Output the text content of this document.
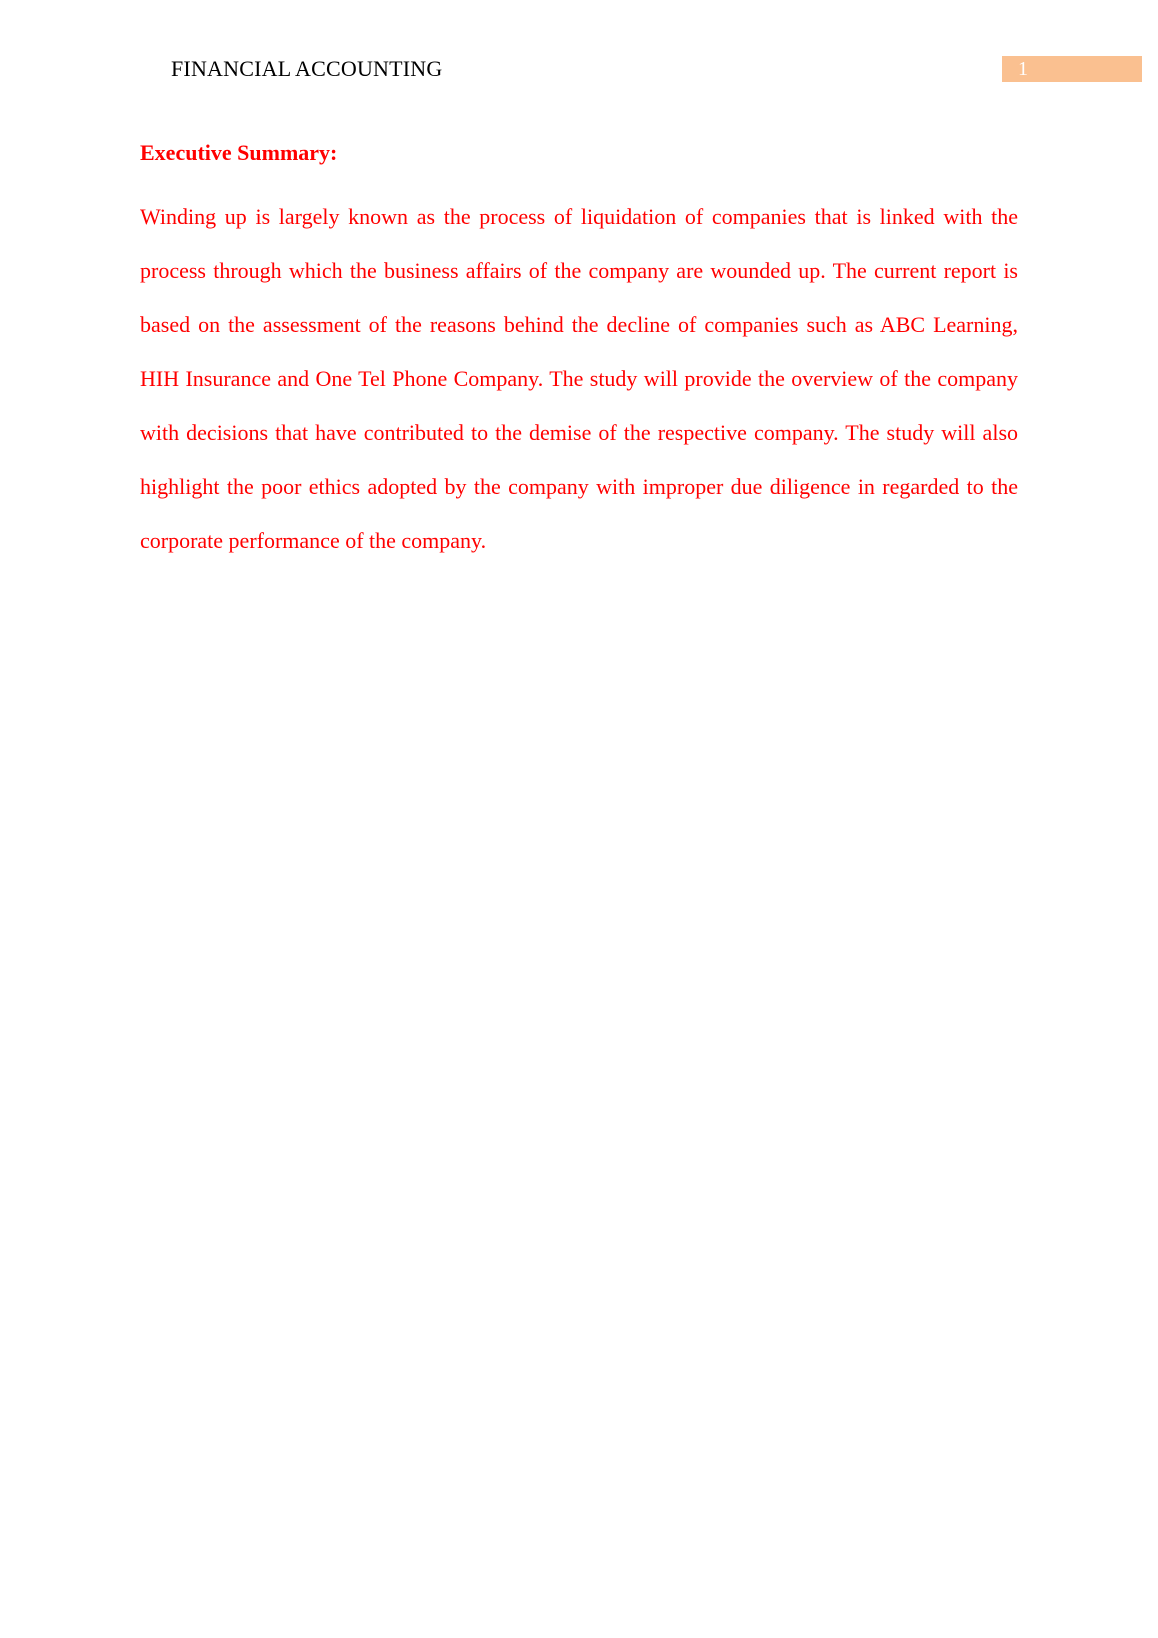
FINANCIAL ACCOUNTING	1
Executive Summary:

Winding up is largely known as the process of liquidation of companies that is linked with the process through which the business affairs of the company are wounded up. The current report is based on the assessment of the reasons behind the decline of companies such as ABC Learning, HIH Insurance and One Tel Phone Company. The study will provide the overview of the company with decisions that have contributed to the demise of the respective company. The study will also highlight the poor ethics adopted by the company with improper due diligence in regarded to the corporate performance of the company.
